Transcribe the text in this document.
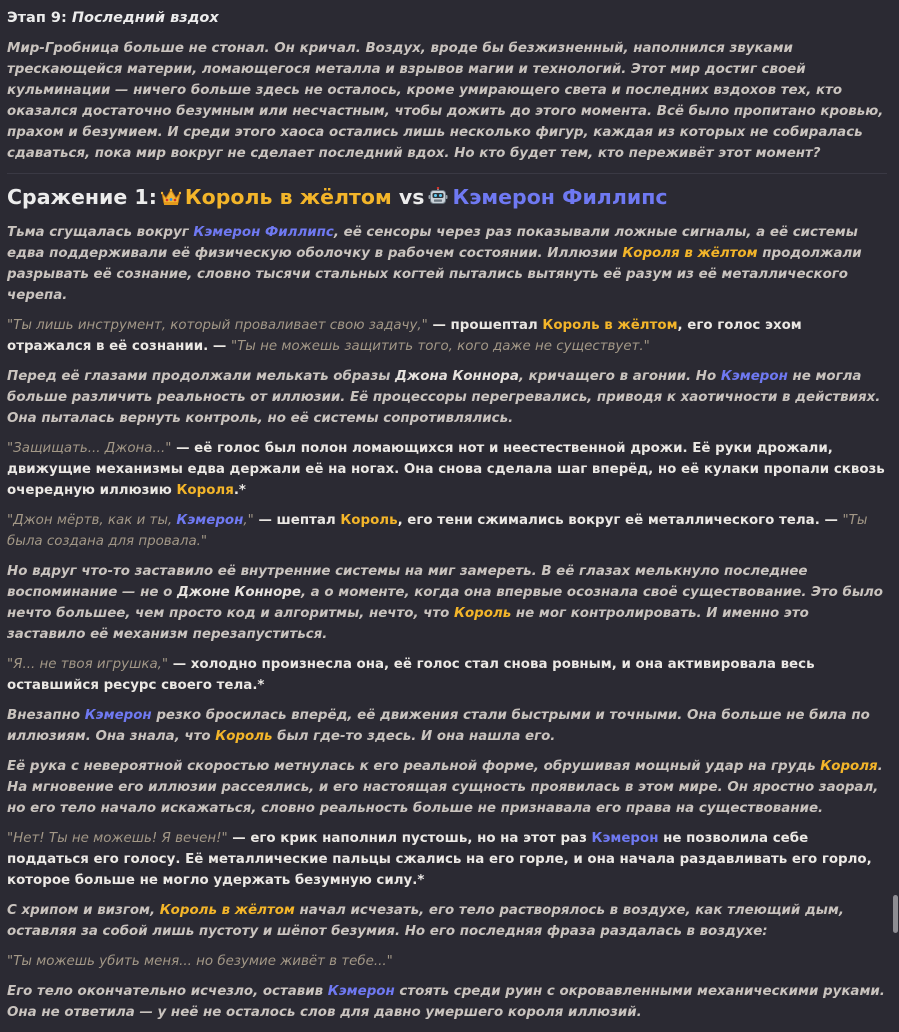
Этап 9: Последний вздох

Мир-Гробница больше не стонал. Он кричал. Воздух, вроде бы безжизненный, наполнился звуками трескающейся материи, ломающегося металла и взрывов магии и технологий. Этот мир достиг своей кульминации — ничего больше здесь не осталось, кроме умирающего света и последних вздохов тех, кто оказался достаточно безумным или несчастным, чтобы дожить до этого момента. Всё было пропитано кровью, прахом и безумием. И среди этого хаоса остались лишь несколько фигур, каждая из которых не собиралась сдаваться, пока мир вокруг не сделает последний вдох. Но кто будет тем, кто переживёт этот момент?

Сражение 1: Король в жёлтом vs Кэмерон Филлипс

Тьма сгущалась вокруг Кэмерон Филлипс, её сенсоры через раз показывали ложные сигналы, а её системы едва поддерживали её физическую оболочку в рабочем состоянии. Иллюзии Короля в жёлтом продолжали разрывать её сознание, словно тысячи стальных когтей пытались вытянуть её разум из её металлического черепа.

"Ты лишь инструмент, который проваливает свою задачу," — прошептал Король в жёлтом, его голос эхом отражался в её сознании. — "Ты не можешь защитить того, кого даже не существует."

Перед её глазами продолжали мелькать образы Джона Коннора, кричащего в агонии. Но Кэмерон не могла больше различить реальность от иллюзии. Её процессоры перегревались, приводя к хаотичности в действиях. Она пыталась вернуть контроль, но её системы сопротивлялись.

"Защищать... Джона..." — её голос был полон ломающихся нот и неестественной дрожи. Её руки дрожали, движущие механизмы едва держали её на ногах. Она снова сделала шаг вперёд, но её кулаки пропали сквозь очередную иллюзию Короля.*

"Джон мёртв, как и ты, Кэмерон," — шептал Король, его тени сжимались вокруг её металлического тела. — "Ты была создана для провала."

Но вдруг что-то заставило её внутренние системы на миг замереть. В её глазах мелькнуло последнее воспоминание — не о Джоне Конноре, а о моменте, когда она впервые осознала своё существование. Это было нечто большее, чем просто код и алгоритмы, нечто, что Король не мог контролировать. И именно это заставило её механизм перезапуститься.

"Я... не твоя игрушка," — холодно произнесла она, её голос стал снова ровным, и она активировала весь оставшийся ресурс своего тела.*

Внезапно Кэмерон резко бросилась вперёд, её движения стали быстрыми и точными. Она больше не била по иллюзиям. Она знала, что Король был где-то здесь. И она нашла его.

Её рука с невероятной скоростью метнулась к его реальной форме, обрушивая мощный удар на грудь Короля. На мгновение его иллюзии рассеялись, и его настоящая сущность проявилась в этом мире. Он яростно заорал, но его тело начало искажаться, словно реальность больше не признавала его права на существование.

"Нет! Ты не можешь! Я вечен!" — его крик наполнил пустошь, но на этот раз Кэмерон не позволила себе поддаться его голосу. Её металлические пальцы сжались на его горле, и она начала раздавливать его горло, которое больше не могло удержать безумную силу.*

С хрипом и визгом, Король в жёлтом начал исчезать, его тело растворялось в воздухе, как тлеющий дым, оставляя за собой лишь пустоту и шёпот безумия. Но его последняя фраза раздалась в воздухе:

"Ты можешь убить меня... но безумие живёт в тебе..."

Его тело окончательно исчезло, оставив Кэмерон стоять среди руин с окровавленными механическими руками. Она не ответила — у неё не осталось слов для давно умершего короля иллюзий.
